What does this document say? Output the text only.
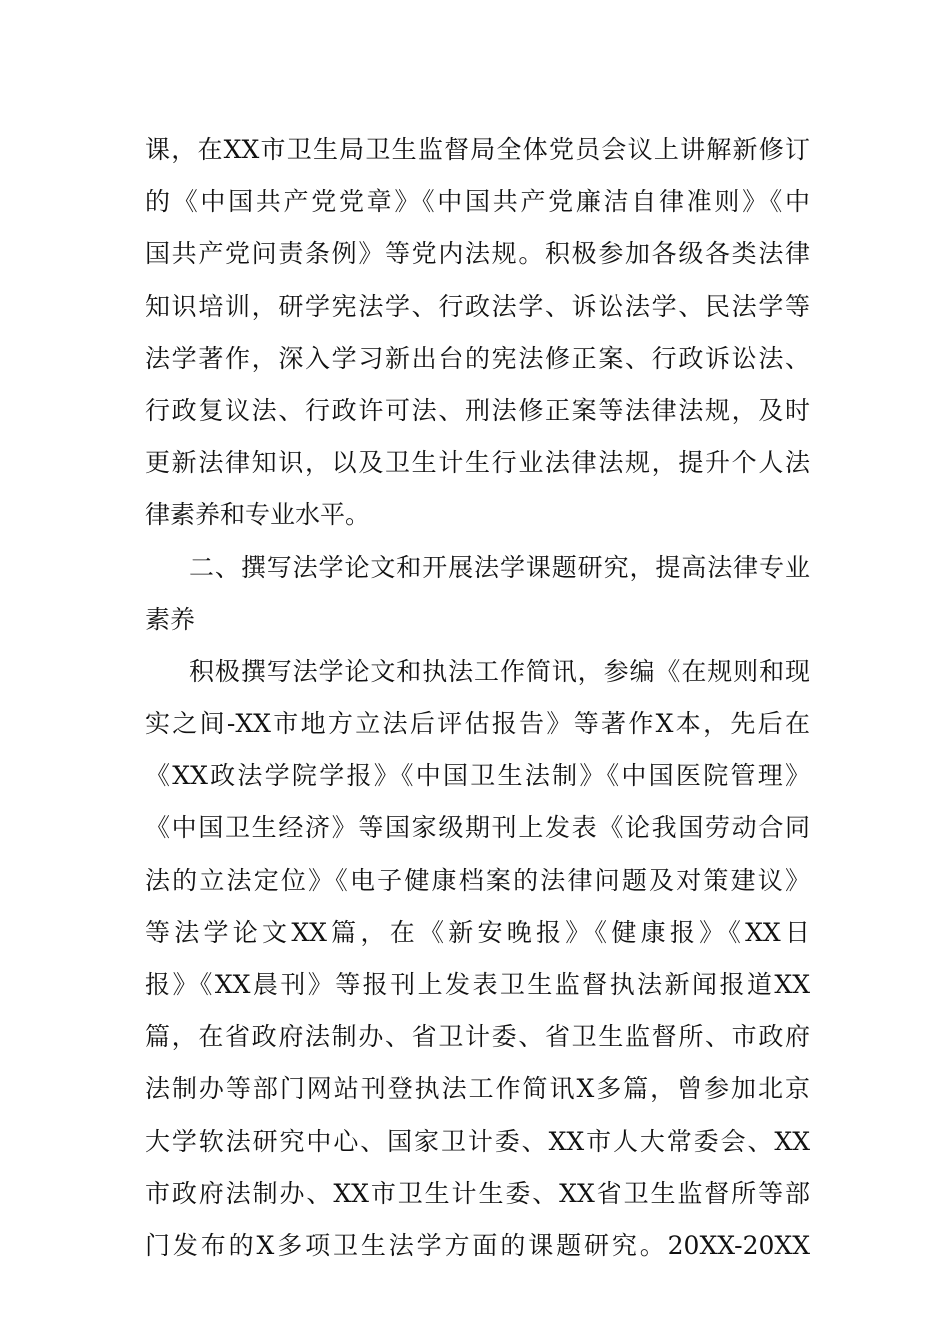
课，在XX市卫生局卫生监督局全体党员会议上讲解新修订
的《中国共产党党章》《中国共产党廉洁自律准则》《中
国共产党问责条例》等党内法规。积极参加各级各类法律
知识培训，研学宪法学、行政法学、诉讼法学、民法学等
法学著作，深入学习新出台的宪法修正案、行政诉讼法、
行政复议法、行政许可法、刑法修正案等法律法规，及时
更新法律知识，以及卫生计生行业法律法规，提升个人法
律素养和专业水平。
二、撰写法学论文和开展法学课题研究，提高法律专业
素养
积极撰写法学论文和执法工作简讯，参编《在规则和现
实之间-XX市地方立法后评估报告》等著作X本，先后在
《XX政法学院学报》《中国卫生法制》《中国医院管理》
《中国卫生经济》等国家级期刊上发表《论我国劳动合同
法的立法定位》《电子健康档案的法律问题及对策建议》
等法学论文XX篇，在《新安晚报》《健康报》《XX日
报》《XX晨刊》等报刊上发表卫生监督执法新闻报道XX
篇，在省政府法制办、省卫计委、省卫生监督所、市政府
法制办等部门网站刊登执法工作简讯X多篇，曾参加北京
大学软法研究中心、国家卫计委、XX市人大常委会、XX
市政府法制办、XX市卫生计生委、XX省卫生监督所等部
门发布的X多项卫生法学方面的课题研究。20XX-20XX
